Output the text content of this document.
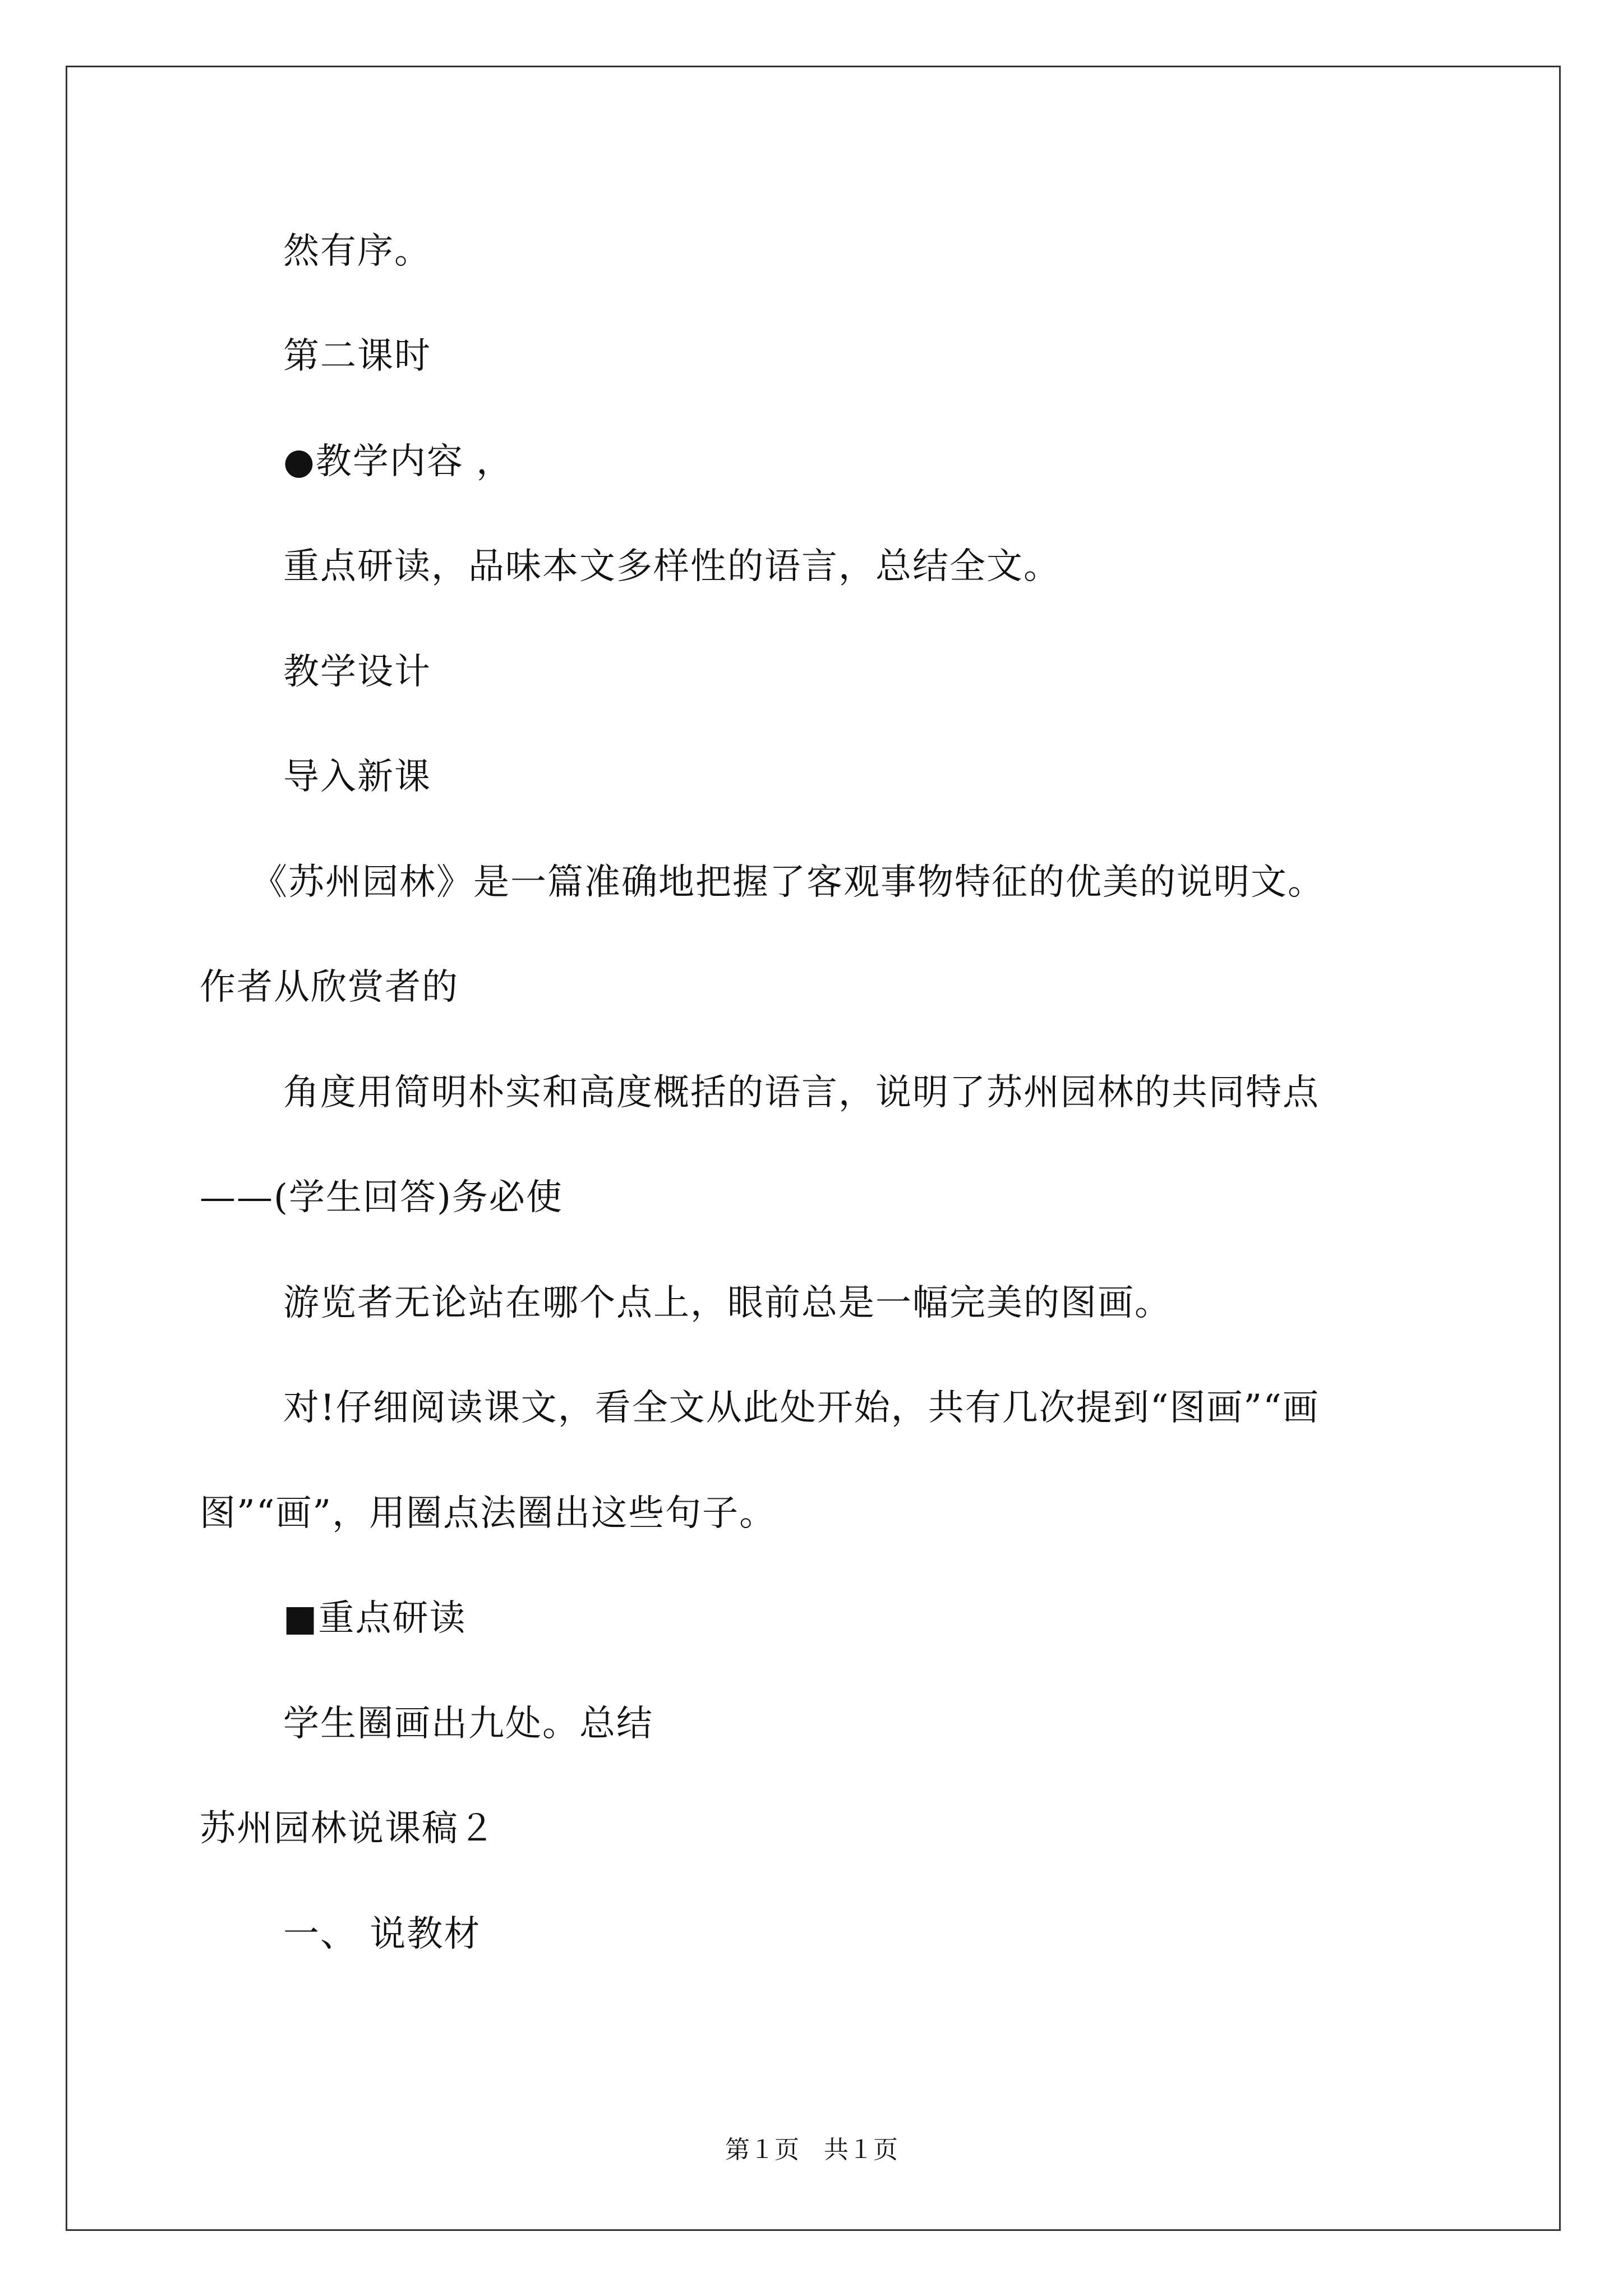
然有序。
第二课时
●教学内容 ，
重点研读，品味本文多样性的语言，总结全文。
教学设计
导入新课
《苏州园林》是一篇准确地把握了客观事物特征的优美的说明文。
作者从欣赏者的
角度用简明朴实和高度概括的语言，说明了苏州园林的共同特点
——(学生回答)务必使
游览者无论站在哪个点上，眼前总是一幅完美的图画。
对!仔细阅读课文，看全文从此处开始，共有几次提到“图画”“画
图”“画”，用圈点法圈出这些句子。
■重点研读
学生圈画出九处。总结
苏州园林说课稿２
一、 说教材
第１页　共１页
